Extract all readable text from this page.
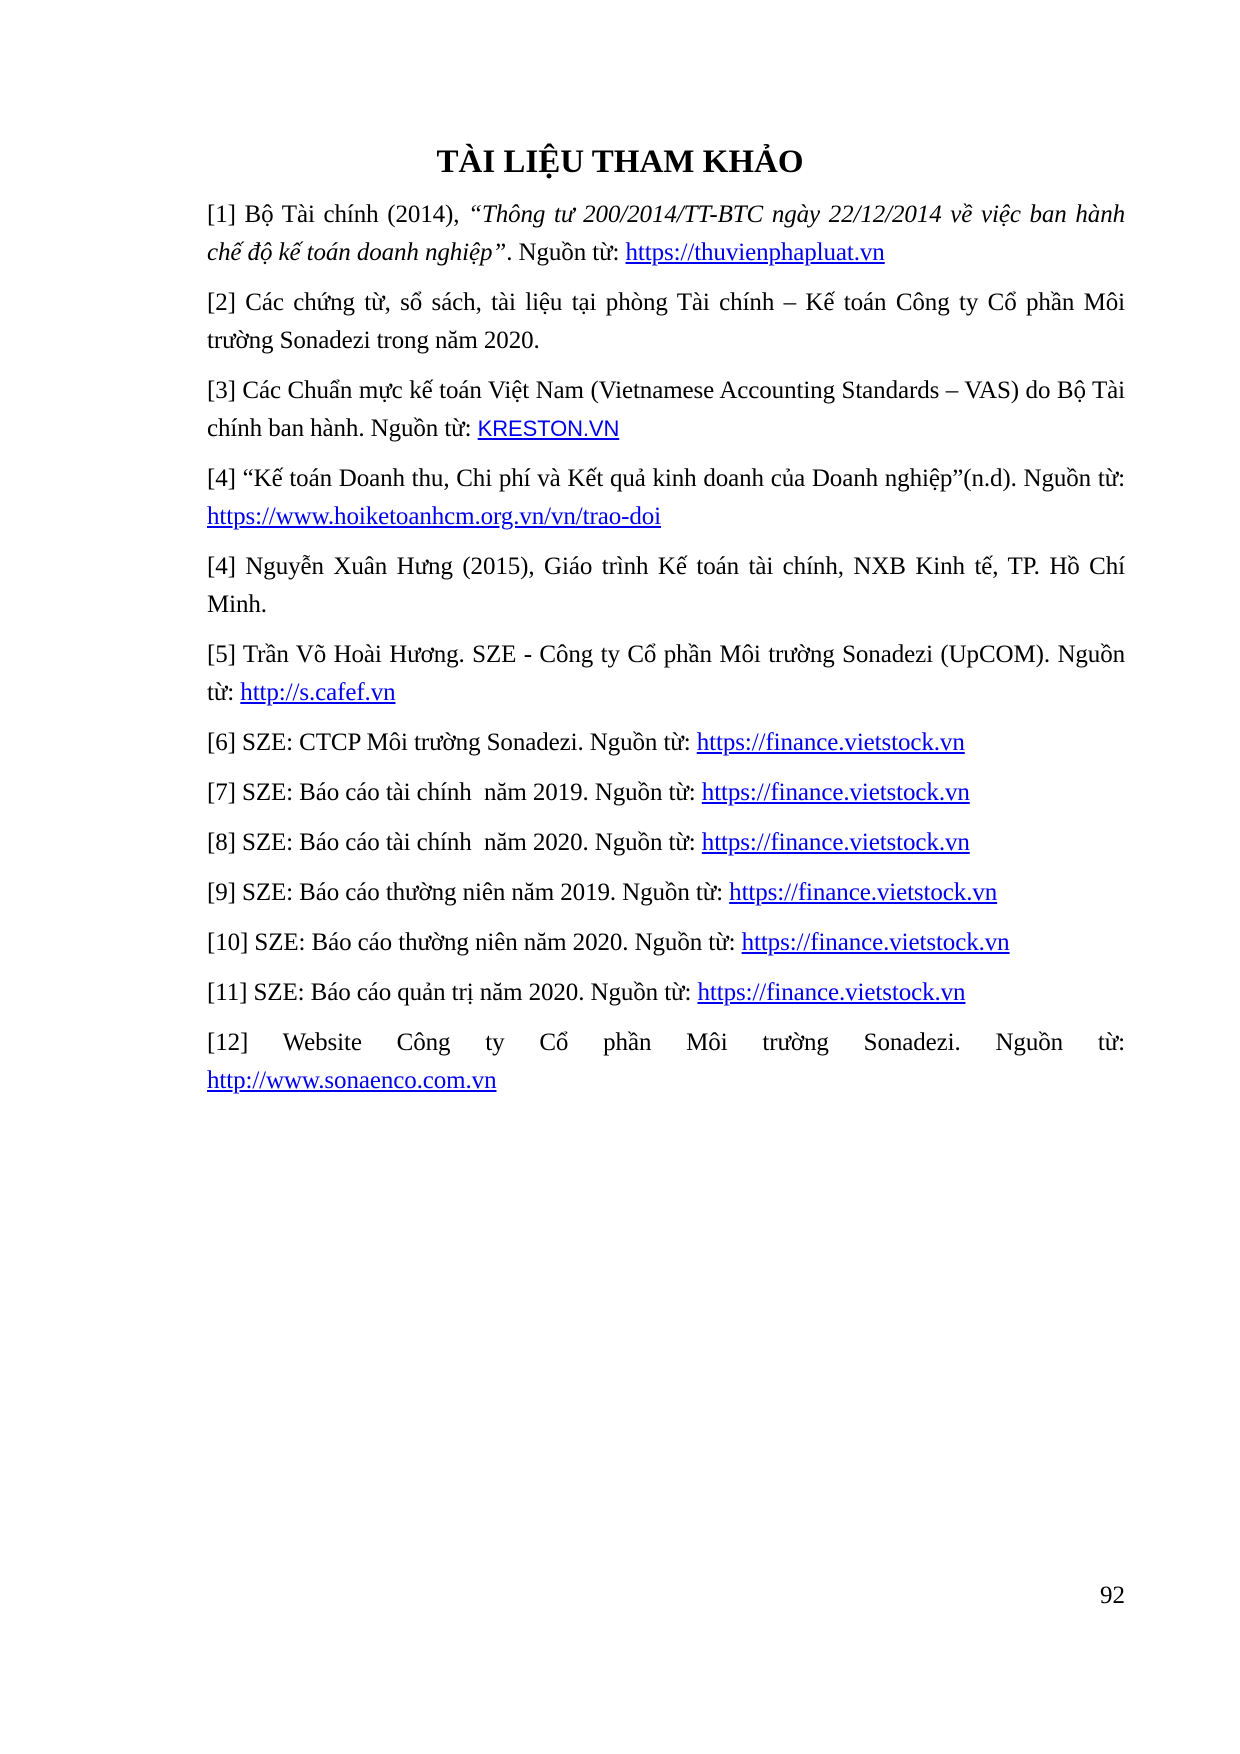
TÀI LIỆU THAM KHẢO

[1] Bộ Tài chính (2014), “Thông tư 200/2014/TT-BTC ngày 22/12/2014 về việc ban hành chế độ kế toán doanh nghiệp”. Nguồn từ: https://thuvienphapluat.vn

[2] Các chứng từ, sổ sách, tài liệu tại phòng Tài chính – Kế toán Công ty Cổ phần Môi trường Sonadezi trong năm 2020.

[3] Các Chuẩn mực kế toán Việt Nam (Vietnamese Accounting Standards – VAS) do Bộ Tài chính ban hành. Nguồn từ: KRESTON.VN

[4] “Kế toán Doanh thu, Chi phí và Kết quả kinh doanh của Doanh nghiệp”(n.d). Nguồn từ: https://www.hoiketoanhcm.org.vn/vn/trao-doi

[4] Nguyễn Xuân Hưng (2015), Giáo trình Kế toán tài chính, NXB Kinh tế, TP. Hồ Chí Minh.

[5] Trần Võ Hoài Hương. SZE - Công ty Cổ phần Môi trường Sonadezi (UpCOM). Nguồn từ: http://s.cafef.vn

[6] SZE: CTCP Môi trường Sonadezi. Nguồn từ: https://finance.vietstock.vn

[7] SZE: Báo cáo tài chính  năm 2019. Nguồn từ: https://finance.vietstock.vn

[8] SZE: Báo cáo tài chính  năm 2020. Nguồn từ: https://finance.vietstock.vn

[9] SZE: Báo cáo thường niên năm 2019. Nguồn từ: https://finance.vietstock.vn

[10] SZE: Báo cáo thường niên năm 2020. Nguồn từ: https://finance.vietstock.vn

[11] SZE: Báo cáo quản trị năm 2020. Nguồn từ: https://finance.vietstock.vn

[12] Website Công ty Cổ phần Môi trường Sonadezi. Nguồn từ: http://www.sonaenco.com.vn

92
